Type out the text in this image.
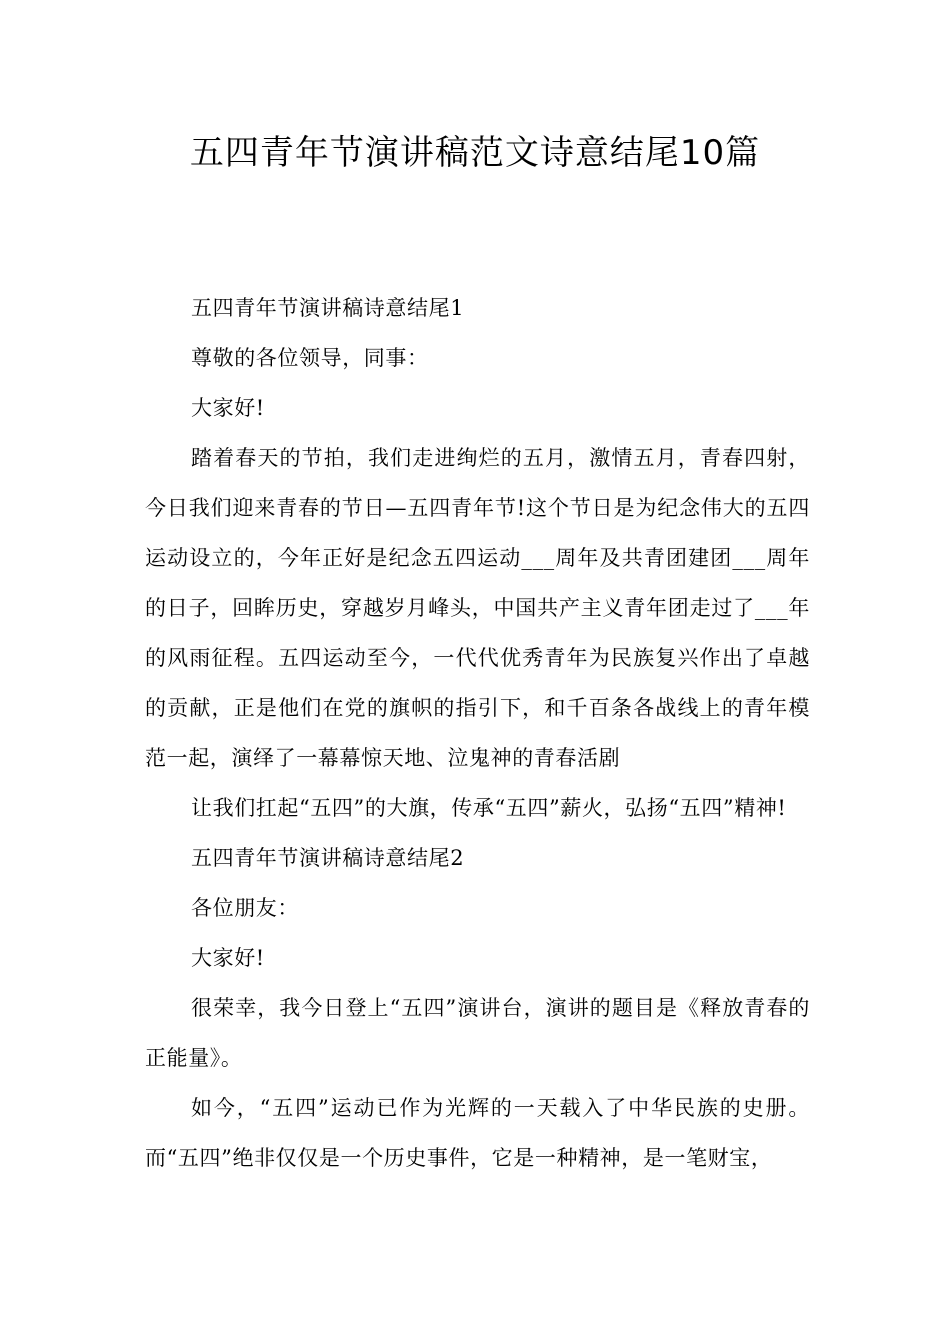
五四青年节演讲稿范文诗意结尾10篇

五四青年节演讲稿诗意结尾1

尊敬的各位领导，同事：

大家好!

踏着春天的节拍，我们走进绚烂的五月，激情五月，青春四射，今日我们迎来青春的节日—五四青年节!这个节日是为纪念伟大的五四运动设立的，今年正好是纪念五四运动___周年及共青团建团___周年的日子，回眸历史，穿越岁月峰头，中国共产主义青年团走过了___年的风雨征程。五四运动至今，一代代优秀青年为民族复兴作出了卓越的贡献，正是他们在党的旗帜的指引下，和千百条各战线上的青年模范一起，演绎了一幕幕惊天地、泣鬼神的青春活剧

让我们扛起“五四”的大旗，传承“五四”薪火，弘扬“五四”精神!

五四青年节演讲稿诗意结尾2

各位朋友：

大家好!

很荣幸，我今日登上“五四”演讲台，演讲的题目是《释放青春的正能量》。

如今，“五四”运动已作为光辉的一天载入了中华民族的史册。而“五四”绝非仅仅是一个历史事件，它是一种精神，是一笔财宝，
